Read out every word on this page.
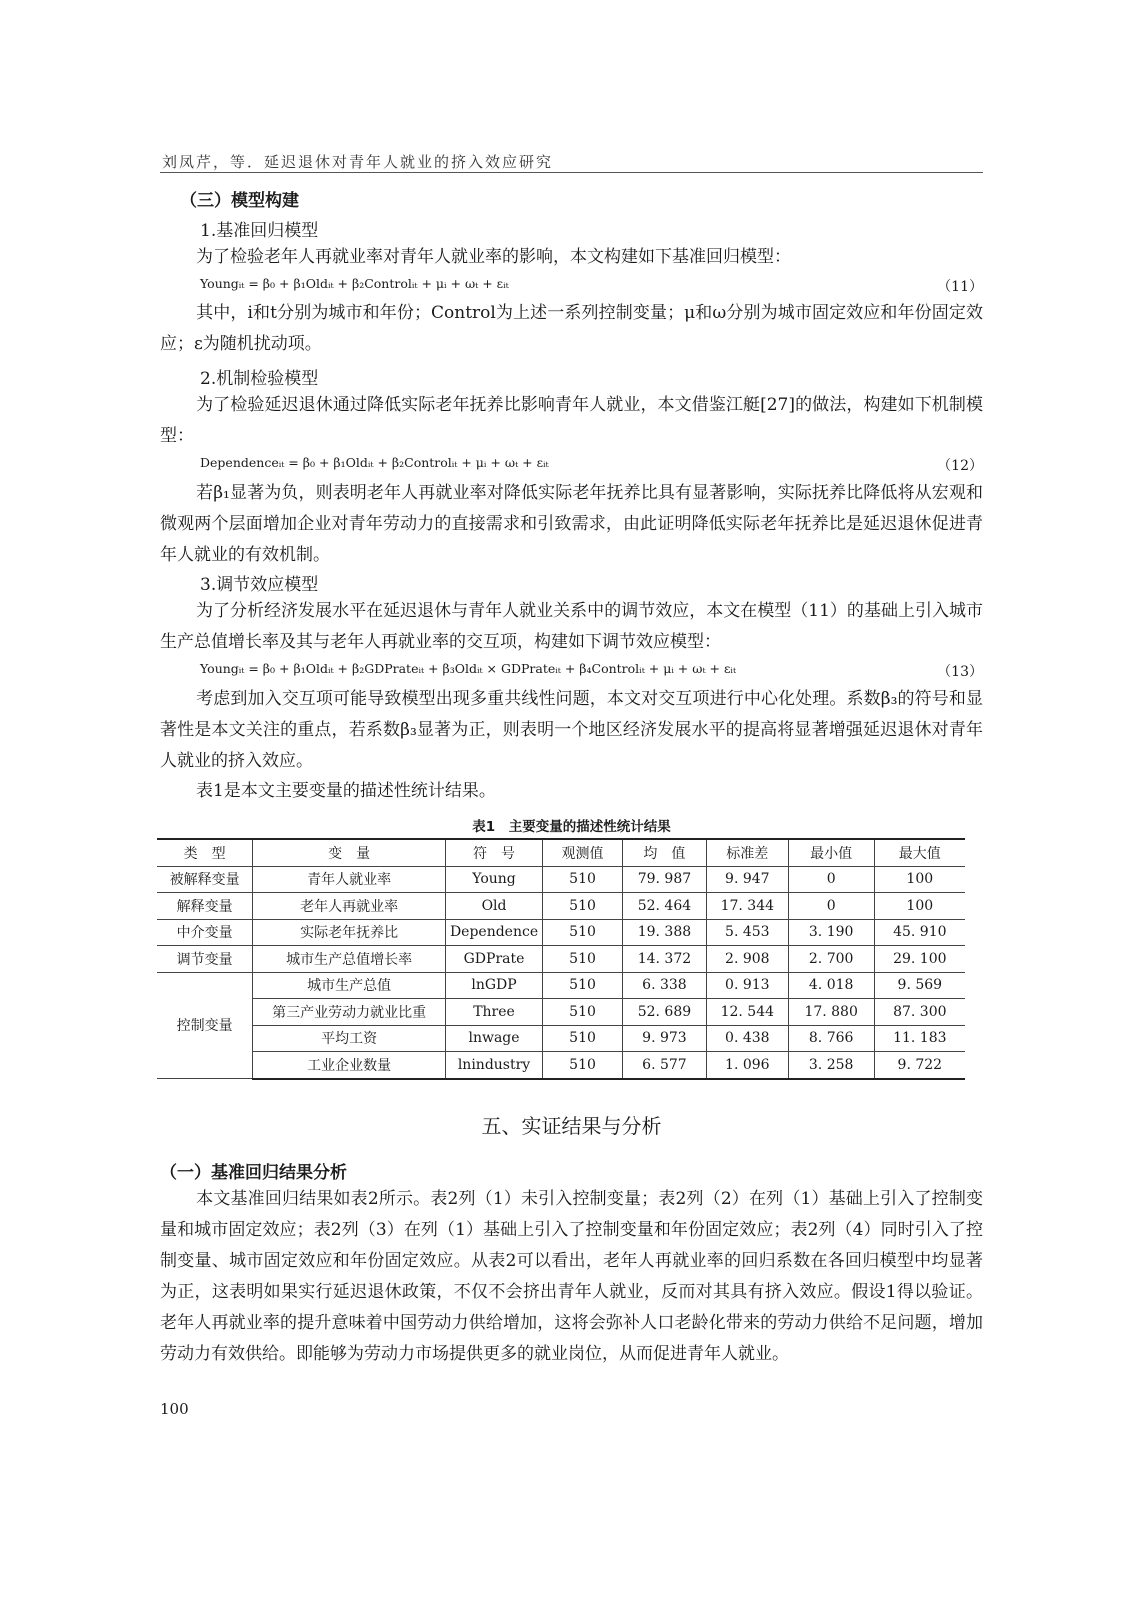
刘凤芹，等．延迟退休对青年人就业的挤入效应研究
（三）模型构建
1.基准回归模型
为了检验老年人再就业率对青年人就业率的影响，本文构建如下基准回归模型：
Youngᵢₜ = β₀ + β₁Oldᵢₜ + β₂Controlᵢₜ + μᵢ + ωₜ + εᵢₜ	（11）
其中，i和t分别为城市和年份；Control为上述一系列控制变量；μ和ω分别为城市固定效应和年份固定效应；ε为随机扰动项。
2.机制检验模型
为了检验延迟退休通过降低实际老年抚养比影响青年人就业，本文借鉴江艇[27]的做法，构建如下机制模型：
Dependenceᵢₜ = β₀ + β₁Oldᵢₜ + β₂Controlᵢₜ + μᵢ + ωₜ + εᵢₜ	（12）
若β₁显著为负，则表明老年人再就业率对降低实际老年抚养比具有显著影响，实际抚养比降低将从宏观和微观两个层面增加企业对青年劳动力的直接需求和引致需求，由此证明降低实际老年抚养比是延迟退休促进青年人就业的有效机制。
3.调节效应模型
为了分析经济发展水平在延迟退休与青年人就业关系中的调节效应，本文在模型（11）的基础上引入城市生产总值增长率及其与老年人再就业率的交互项，构建如下调节效应模型：
Youngᵢₜ = β₀ + β₁Oldᵢₜ + β₂GDPrateᵢₜ + β₃Oldᵢₜ × GDPrateᵢₜ + β₄Controlᵢₜ + μᵢ + ωₜ + εᵢₜ	（13）
考虑到加入交互项可能导致模型出现多重共线性问题，本文对交互项进行中心化处理。系数β₃的符号和显著性是本文关注的重点，若系数β₃显著为正，则表明一个地区经济发展水平的提高将显著增强延迟退休对青年人就业的挤入效应。
表1是本文主要变量的描述性统计结果。
表1　主要变量的描述性统计结果
类　型	变　量	符　号	观测值	均　值	标准差	最小值	最大值
被解释变量	青年人就业率	Young	510	79. 987	9. 947	0	100
解释变量	老年人再就业率	Old	510	52. 464	17. 344	0	100
中介变量	实际老年抚养比	Dependence	510	19. 388	5. 453	3. 190	45. 910
调节变量	城市生产总值增长率	GDPrate	510	14. 372	2. 908	2. 700	29. 100
控制变量	城市生产总值	lnGDP	510	6. 338	0. 913	4. 018	9. 569
	第三产业劳动力就业比重	Three	510	52. 689	12. 544	17. 880	87. 300
	平均工资	lnwage	510	9. 973	0. 438	8. 766	11. 183
	工业企业数量	lnindustry	510	6. 577	1. 096	3. 258	9. 722
五、实证结果与分析
（一）基准回归结果分析
本文基准回归结果如表2所示。表2列（1）未引入控制变量；表2列（2）在列（1）基础上引入了控制变量和城市固定效应；表2列（3）在列（1）基础上引入了控制变量和年份固定效应；表2列（4）同时引入了控制变量、城市固定效应和年份固定效应。从表2可以看出，老年人再就业率的回归系数在各回归模型中均显著为正，这表明如果实行延迟退休政策，不仅不会挤出青年人就业，反而对其具有挤入效应。假设1得以验证。老年人再就业率的提升意味着中国劳动力供给增加，这将会弥补人口老龄化带来的劳动力供给不足问题，增加劳动力有效供给。即能够为劳动力市场提供更多的就业岗位，从而促进青年人就业。
100
